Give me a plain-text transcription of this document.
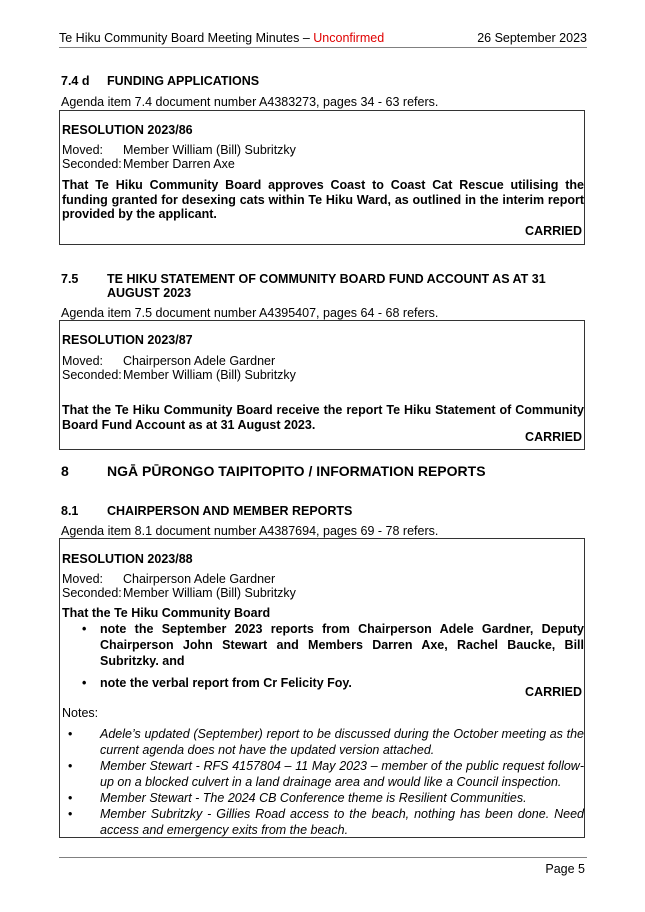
Te Hiku Community Board Meeting Minutes – Unconfirmed	26 September 2023
7.4 d	FUNDING APPLICATIONS
Agenda item 7.4 document number A4383273, pages 34 - 63 refers.
RESOLUTION 2023/86
Moved: Member William (Bill) Subritzky
Seconded:Member Darren Axe
That Te Hiku Community Board approves Coast to Coast Cat Rescue utilising the funding granted for desexing cats within Te Hiku Ward, as outlined in the interim report provided by the applicant.
CARRIED
7.5	TE HIKU STATEMENT OF COMMUNITY BOARD FUND ACCOUNT AS AT 31 AUGUST 2023
Agenda item 7.5 document number A4395407, pages 64 - 68 refers.
RESOLUTION 2023/87
Moved: Chairperson Adele Gardner
Seconded:Member William (Bill) Subritzky
That the Te Hiku Community Board receive the report Te Hiku Statement of Community Board Fund Account as at 31 August 2023.
CARRIED
8	NGĀ PŪRONGO TAIPITOPITO / INFORMATION REPORTS
8.1	CHAIRPERSON AND MEMBER REPORTS
Agenda item 8.1 document number A4387694, pages 69 - 78 refers.
RESOLUTION 2023/88
Moved: Chairperson Adele Gardner
Seconded:Member William (Bill) Subritzky
That the Te Hiku Community Board
• note the September 2023 reports from Chairperson Adele Gardner, Deputy Chairperson John Stewart and Members Darren Axe, Rachel Baucke, Bill Subritzky. and
• note the verbal report from Cr Felicity Foy.
CARRIED
Notes:
• Adele’s updated (September) report to be discussed during the October meeting as the current agenda does not have the updated version attached.
• Member Stewart - RFS 4157804 – 11 May 2023 – member of the public request follow-up on a blocked culvert in a land drainage area and would like a Council inspection.
• Member Stewart - The 2024 CB Conference theme is Resilient Communities.
• Member Subritzky - Gillies Road access to the beach, nothing has been done. Need access and emergency exits from the beach.
Page 5
